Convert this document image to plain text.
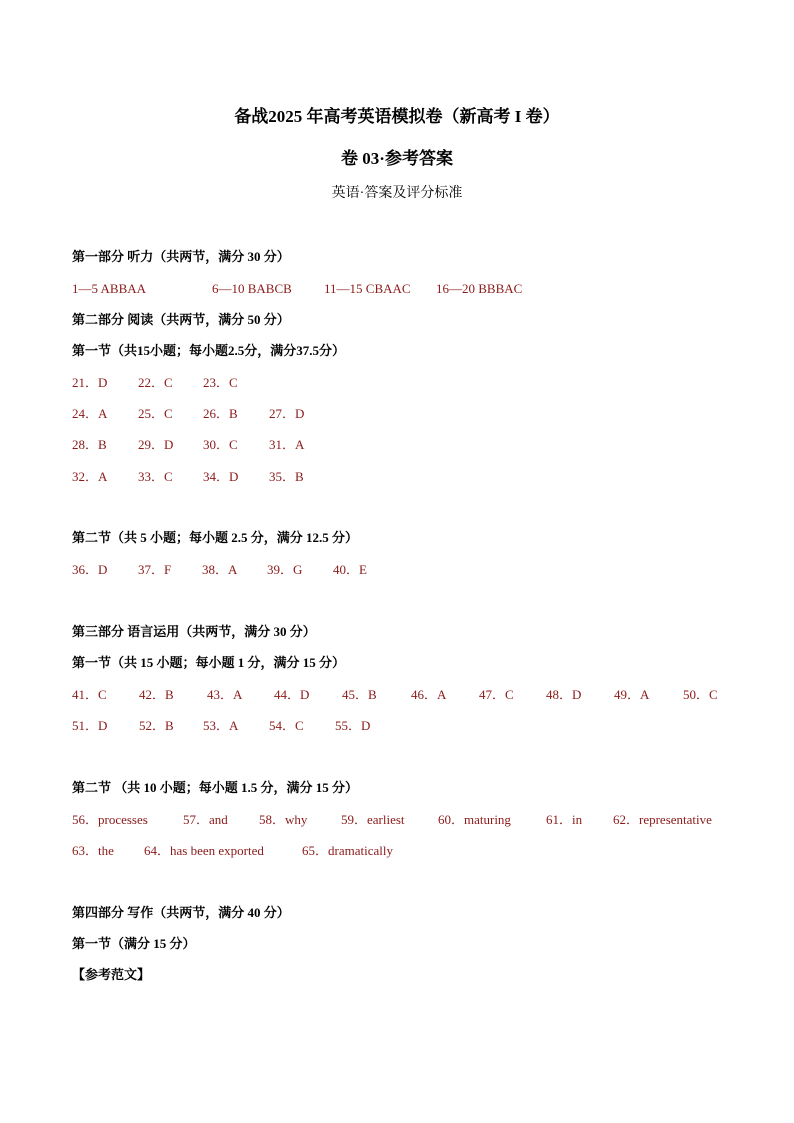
备战2025 年高考英语模拟卷（新高考 I 卷）
卷 03·参考答案
英语·答案及评分标准
第一部分 听力（共两节，满分 30 分）
1—5 ABBAA	6—10 BABCB 11—15 CBAAC 16—20 BBBAC
第二部分 阅读（共两节，满分 50 分）
第一节（共15小题；每小题2.5分，满分37.5分）
21．D 22．C 23．C
24．A 25．C 26．B 27．D
28．B 29．D 30．C 31．A
32．A 33．C 34．D 35．B
第二节（共 5 小题；每小题 2.5 分，满分 12.5 分）
36．D 37．F 38．A 39．G 40．E
第三部分 语言运用（共两节，满分 30 分）
第一节（共 15 小题；每小题 1 分，满分 15 分）
41．C 42．B	43．A 44．D	45．B	46．A	47．C 48．D	49．A	50．C
51．D 52．B 53．A 54．C 55．D
第二节 （共 10 小题；每小题 1.5 分，满分 15 分）
56．processes	57．and 58．why	59．earliest	60．maturing	61．in 62．representative
63．the 64．has been exported	65．dramatically
第四部分 写作（共两节，满分 40 分）
第一节（满分 15 分）
【参考范文】
